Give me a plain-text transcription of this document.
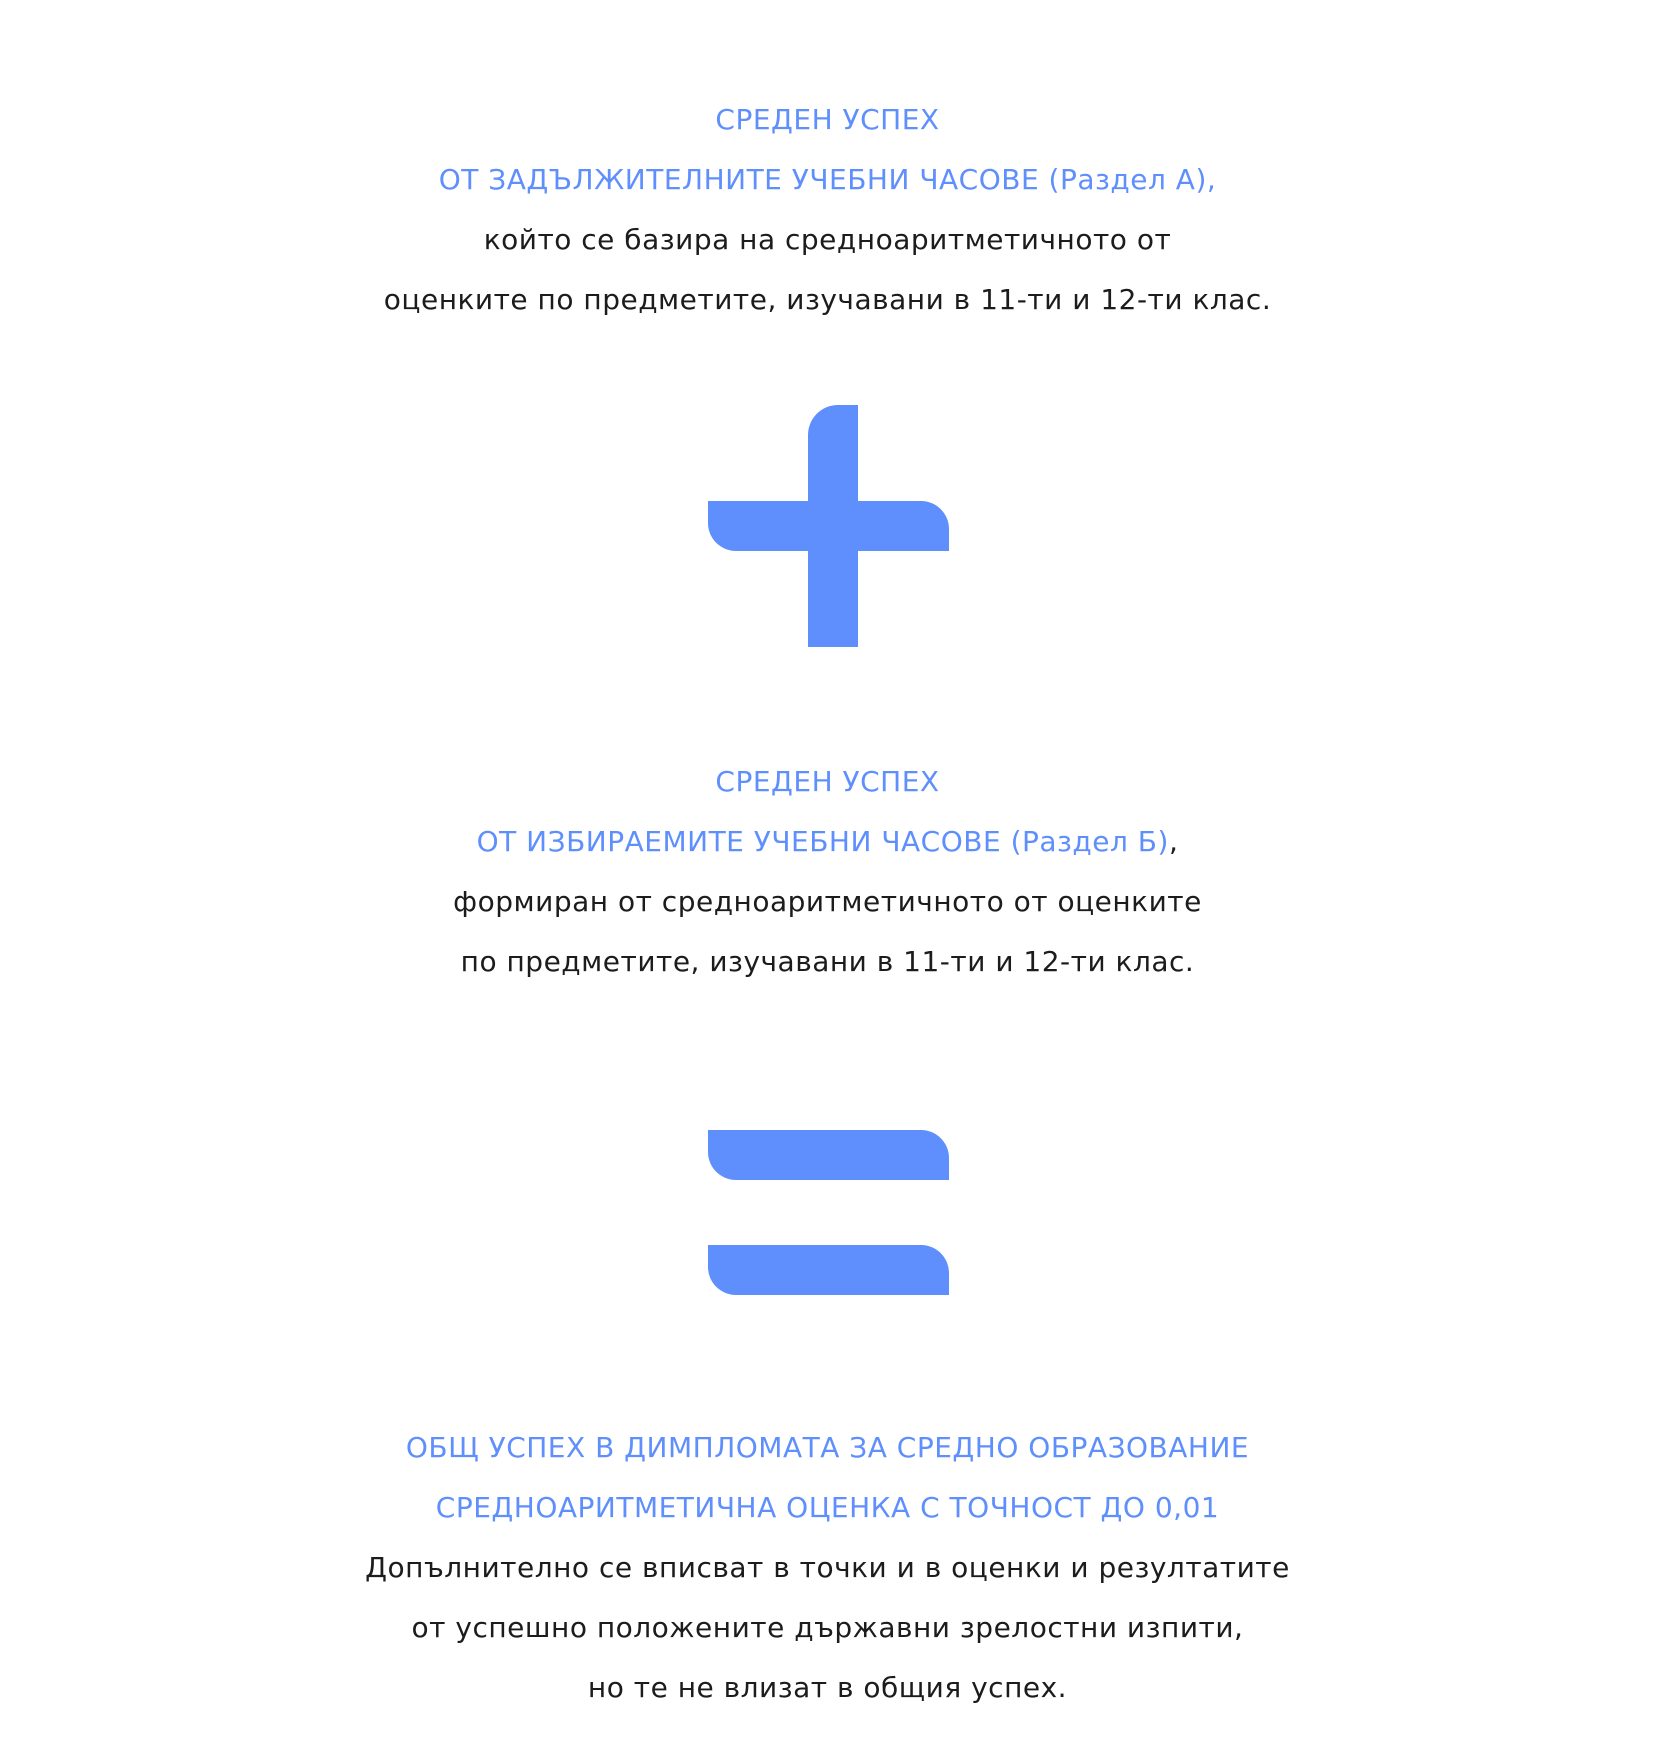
СРЕДЕН УСПЕХ
ОТ ЗАДЪЛЖИТЕЛНИТЕ УЧЕБНИ ЧАСОВЕ (Раздел А),
който се базира на средноаритметичното от
оценките по предметите, изучавани в 11-ти и 12-ти клас.
СРЕДЕН УСПЕХ
ОТ ИЗБИРАЕМИТЕ УЧЕБНИ ЧАСОВЕ (Раздел Б),
формиран от средноаритметичното от оценките
по предметите, изучавани в 11-ти и 12-ти клас.
ОБЩ УСПЕХ В ДИМПЛОМАТА ЗА СРЕДНО ОБРАЗОВАНИЕ
СРЕДНОАРИТМЕТИЧНА ОЦЕНКА С ТОЧНОСТ ДО 0,01
Допълнително се вписват в точки и в оценки и резултатите
от успешно положените държавни зрелостни изпити,
но те не влизат в общия успех.
